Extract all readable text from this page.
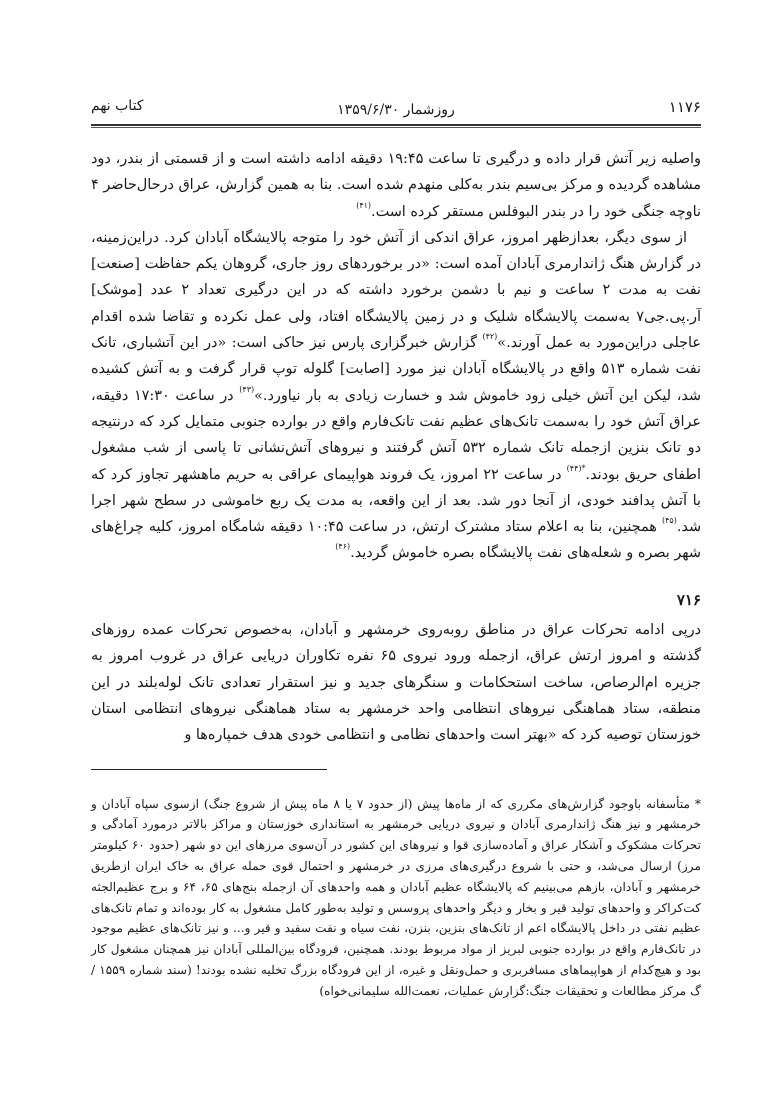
۱۱۷۶
روزشمار ۱۳۵۹/۶/۳۰
کتاب نهم

واصلیه زیر آتش قرار داده و درگیری تا ساعت ۱۹:۴۵ دقیقه ادامه داشته است و از قسمتی از بندر، دود مشاهده گردیده و مرکز بی‌سیم بندر به‌کلی منهدم شده است. بنا به همین گزارش، عراق درحال‌حاضر ۴ ناوچه جنگی خود را در بندر البوفلس مستقر کرده است.$^{(۴۱)}$

از سوی دیگر، بعدازظهر امروز، عراق اندکی از آتش خود را متوجه پالایشگاه آبادان کرد. دراین‌زمینه، در گزارش هنگ ژاندارمری آبادان آمده است: «در برخوردهای روز جاری، گروهان یکم حفاظت [صنعت] نفت به مدت ۲ ساعت و نیم با دشمن برخورد داشته که در این درگیری تعداد ۲ عدد [موشک] آر.پی.جی۷ به‌سمت پالایشگاه شلیک و در زمین پالایشگاه افتاد، ولی عمل نکرده و تقاضا شده اقدام عاجلی دراین‌مورد به عمل آورند.»$^{(۴۲)}$ گزارش خبرگزاری پارس نیز حاکی است: «در این آتشباری، تانک نفت شماره ۵۱۳ واقع در پالایشگاه آبادان نیز مورد [اصابت] گلوله توپ قرار گرفت و به آتش کشیده شد، لیکن این آتش خیلی زود خاموش شد و خسارت زیادی به بار نیاورد.»$^{(۴۳)}$ در ساعت ۱۷:۳۰ دقیقه، عراق آتش خود را به‌سمت تانک‌های عظیم نفت تانک‌فارم واقع در بوارده جنوبی متمایل کرد که درنتیجه دو تانک بنزین ازجمله تانک شماره ۵۳۲ آتش گرفتند و نیروهای آتش‌نشانی تا پاسی از شب مشغول اطفای حریق بودند.$^{*(۴۴)}$ در ساعت ۲۲ امروز، یک فروند هواپیمای عراقی به حریم ماهشهر تجاوز کرد که با آتش پدافند خودی، از آنجا دور شد. بعد از این واقعه، به مدت یک ربع خاموشی در سطح شهر اجرا شد.$^{(۴۵)}$ همچنین، بنا به اعلام ستاد مشترک ارتش، در ساعت ۱۰:۴۵ دقیقه شامگاه امروز، کلیه چراغ‌های شهر بصره و شعله‌های نفت پالایشگاه بصره خاموش گردید.$^{(۴۶)}$

۷۱۶

درپی ادامه تحرکات عراق در مناطق روبه‌روی خرمشهر و آبادان، به‌خصوص تحرکات عمده روزهای گذشته و امروز ارتش عراق، ازجمله ورود نیروی ۶۵ نفره تکاوران دریایی عراق در غروب امروز به جزیره ام‌الرصاص، ساخت استحکامات و سنگرهای جدید و نیز استقرار تعدادی تانک لوله‌بلند در این منطقه، ستاد هماهنگی نیروهای انتظامی واحد خرمشهر به ستاد هماهنگی نیروهای انتظامی استان خوزستان توصیه کرد که «بهتر است واحدهای نظامی و انتظامی خودی هدف خمپاره‌ها و

* متأسفانه باوجود گزارش‌های مکرری که از ماه‌ها پیش (از حدود ۷ یا ۸ ماه پیش از شروع جنگ) ازسوی سپاه آبادان و خرمشهر و نیز هنگ ژاندارمری آبادان و نیروی دریایی خرمشهر به استانداری خوزستان و مراکز بالاتر درمورد آمادگی و تحرکات مشکوک و آشکار عراق و آماده‌سازی قوا و نیروهای این کشور در آن‌سوی مرزهای این دو شهر (حدود ۶۰ کیلومتر مرز) ارسال می‌شد، و حتی با شروع درگیری‌های مرزی در خرمشهر و احتمال قوی حمله عراق به خاک ایران ازطریق خرمشهر و آبادان، بازهم می‌بینیم که پالایشگاه عظیم آبادان و همه واحدهای آن ازجمله بنج‌های ۶۵، ۶۴ و برج عظیم‌الجثه کت‌کراکر و واحدهای تولید قیر و بخار و دیگر واحدهای پروسس و تولید به‌طور کامل مشغول به کار بوده‌اند و تمام تانک‌های عظیم نفتی در داخل پالایشگاه اعم از تانک‌های بنزین، بنزن، نفت سیاه و نفت سفید و قیر و... و نیز تانک‌های عظیم موجود در تانک‌فارم واقع در بوارده جنوبی لبریز از مواد مربوط بودند. همچنین، فرودگاه بین‌المللی آبادان نیز همچنان مشغول کار بود و هیچ‌کدام از هواپیماهای مسافربری و حمل‌ونقل و غیره، از این فرودگاه بزرگ تخلیه نشده بودند! (سند شماره ۱۵۵۹ /گ مرکز مطالعات و تحقیقات جنگ:گزارش عملیات، نعمت‌الله سلیمانی‌خواه)
